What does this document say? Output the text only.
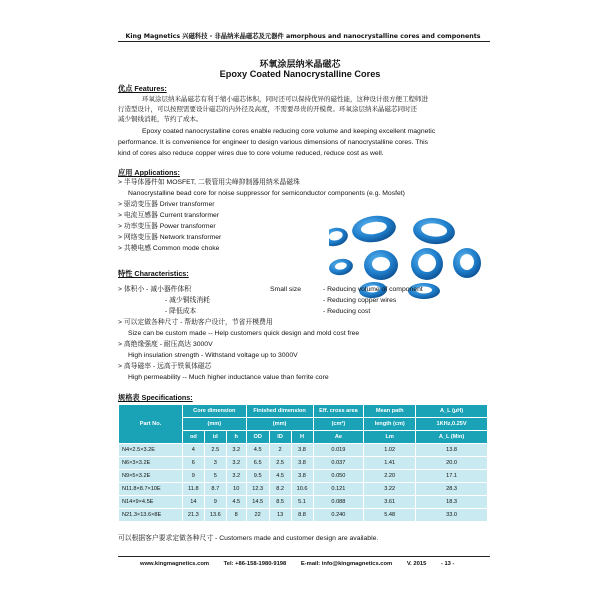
King Magnetics 兴磁科技 - 非晶纳米晶磁芯及元器件 amorphous and nanocrystalline cores and components
环氧涂层纳米晶磁芯
Epoxy Coated Nanocrystalline Cores
优点 Features:
环氧涂层纳米晶磁芯有利于缩小磁芯体积，同时还可以保持优异的磁性能，这种设计很方便工程师进
行造型设计，可以按照需要设计磁芯的内外径及高度，不需要昂贵的开模费。环氧涂层纳米晶磁芯同时还
减少铜线消耗，节约了成本。
Epoxy coated nanocrystalline cores enable reducing core volume and keeping excellent magnetic
performance. It is convenience for engineer to design various dimensions of nanocrystalline cores. This
kind of cores also reduce copper wires due to core volume reduced, reduce cost as well.
应用 Applications:
> 半导体器件如 MOSFET, 二极管用尖峰抑制器用纳米晶磁珠
Nanocrystalline bead core for noise suppressor for semiconductor components (e.g. Mosfet)
> 驱动变压器 Driver transformer
> 电流互感器 Current transformer
> 功率变压器 Power transformer
> 网络变压器 Network transformer
> 共模电感 Common mode choke
特性 Characteristics:
> 体积小 - 减小器件体积
- 减少铜线消耗
- 降低成本
Small size	- Reducing volume of component
- Reducing copper wires
- Reducing cost
> 可以定做各种尺寸 - 帮助客户设计，节省开模费用
Size can be custom made -- Help customers quick design and mold cost free
> 高绝缘强度 - 耐压高达 3000V
High insulation strength - Withstand voltage up to 3000V
> 高导磁率 - 远高于铁氧体磁芯
High permeability -- Much higher inductance value than ferrite core
规格表 Specifications:
Part No.	Core dimension			Finished dimension			Eff. cross area	Mean path	A_L (μH)
	(mm)			(mm)			(cm²)	length (cm)	1KHz,0.25V
	od	id	h	OD	ID	H	Ae	Lm	A_L (Min)
N4×2.5×3.2E	4	2.5	3.2	4.5	2	3.8	0.019	1.02	13.8
N6×3×3.2E	6	3	3.2	6.5	2.5	3.8	0.037	1.41	20.0
N9×5×3.2E	9	5	3.2	9.5	4.5	3.8	0.050	2.20	17.1
N11.8×8.7×10E	11.8	8.7	10	12.3	8.2	10.6	0.121	3.22	28.3
N14×9×4.5E	14	9	4.5	14.5	8.5	5.1	0.088	3.61	18.3
N21.3×13.6×8E	21.3	13.6	8	22	13	8.8	0.240	5.48	33.0
可以根据客户要求定做各种尺寸 - Customers made and customer design are available.
www.kingmagnetics.com	Tel: +86-158-1980-9198	E-mail: info@kingmagnetics.com	V. 2015	- 13 -
